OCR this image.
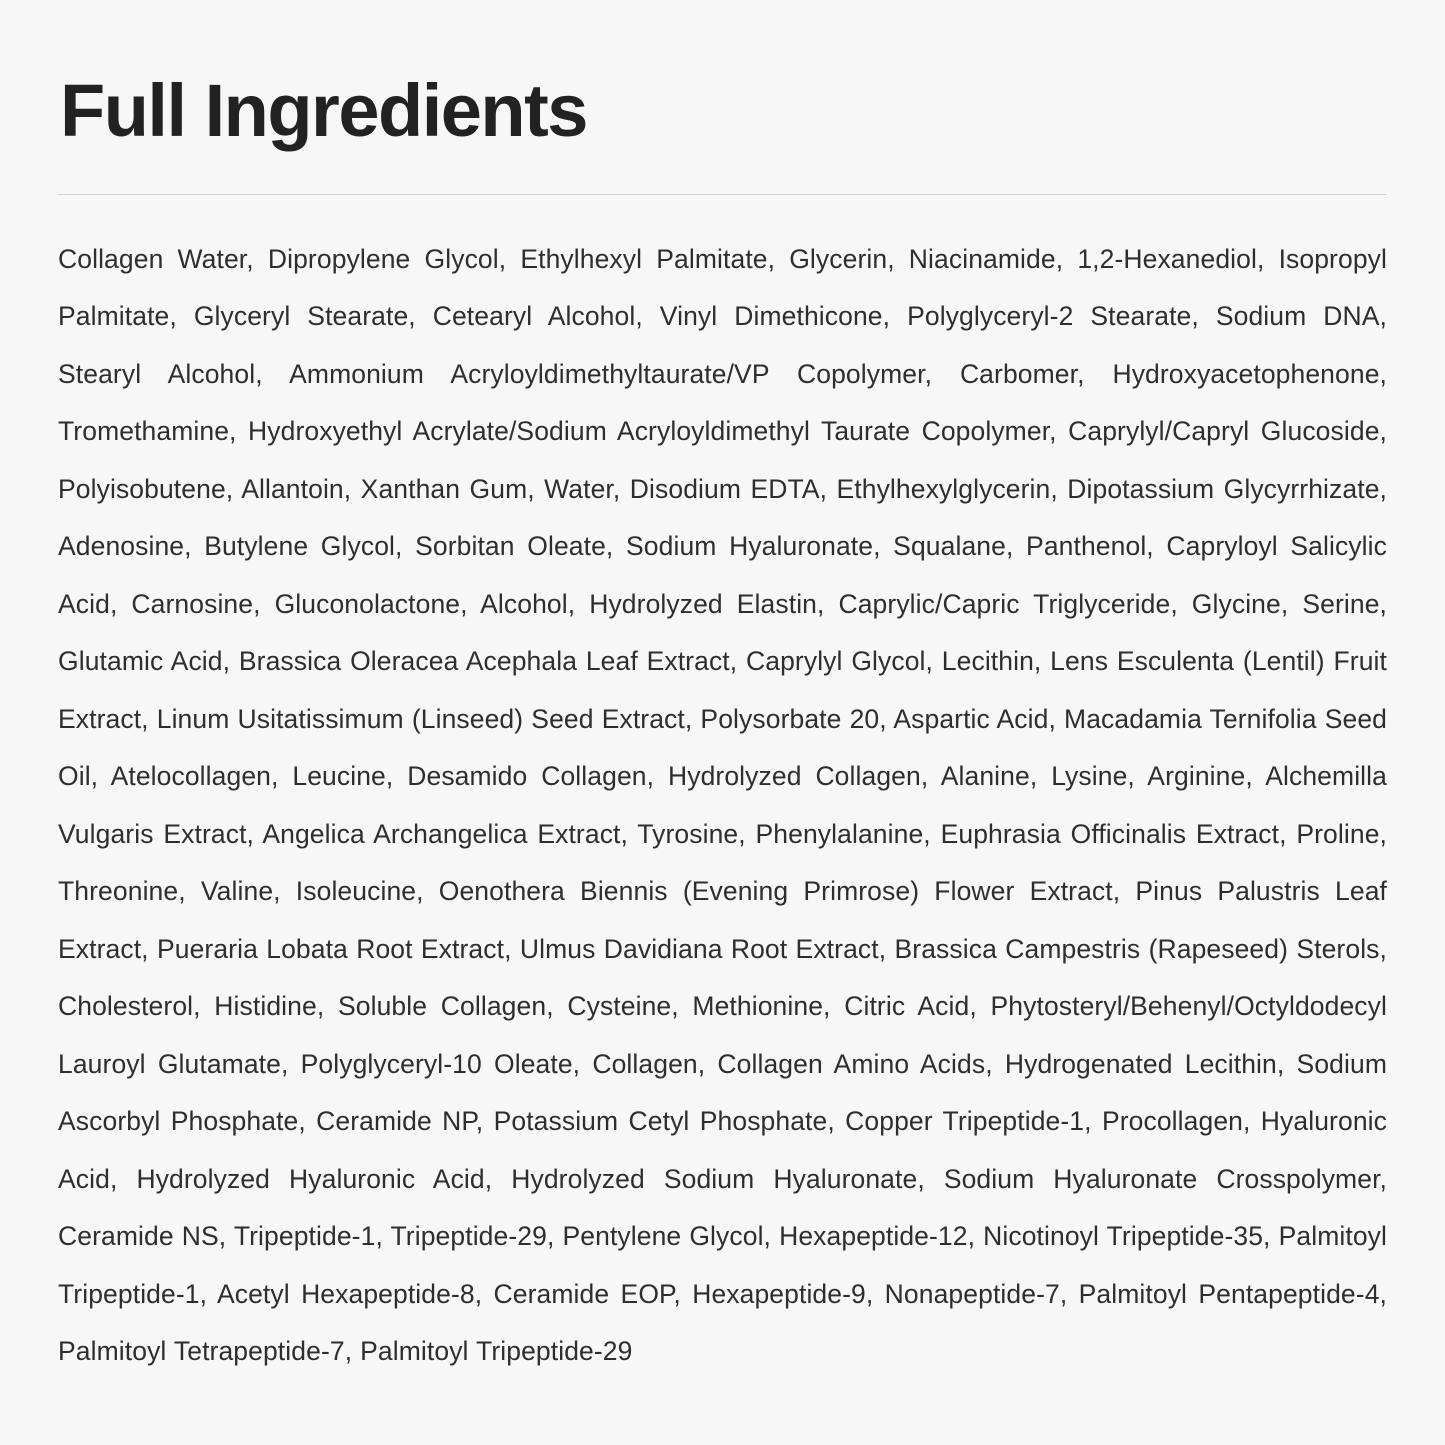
Full Ingredients
Collagen Water, Dipropylene Glycol, Ethylhexyl Palmitate, Glycerin, Niacinamide, 1,2-Hexanediol, Isopropyl Palmitate, Glyceryl Stearate, Cetearyl Alcohol, Vinyl Dimethicone, Polyglyceryl-2 Stearate, Sodium DNA, Stearyl Alcohol, Ammonium Acryloyldimethyltaurate/VP Copolymer, Carbomer, Hydroxyacetophenone, Tromethamine, Hydroxyethyl Acrylate/Sodium Acryloyldimethyl Taurate Copolymer, Caprylyl/Capryl Glucoside, Polyisobutene, Allantoin, Xanthan Gum, Water, Disodium EDTA, Ethylhexylglycerin, Dipotassium Glycyrrhizate, Adenosine, Butylene Glycol, Sorbitan Oleate, Sodium Hyaluronate, Squalane, Panthenol, Capryloyl Salicylic Acid, Carnosine, Gluconolactone, Alcohol, Hydrolyzed Elastin, Caprylic/Capric Triglyceride, Glycine, Serine, Glutamic Acid, Brassica Oleracea Acephala Leaf Extract, Caprylyl Glycol, Lecithin, Lens Esculenta (Lentil) Fruit Extract, Linum Usitatissimum (Linseed) Seed Extract, Polysorbate 20, Aspartic Acid, Macadamia Ternifolia Seed Oil, Atelocollagen, Leucine, Desamido Collagen, Hydrolyzed Collagen, Alanine, Lysine, Arginine, Alchemilla Vulgaris Extract, Angelica Archangelica Extract, Tyrosine, Phenylalanine, Euphrasia Officinalis Extract, Proline, Threonine, Valine, Isoleucine, Oenothera Biennis (Evening Primrose) Flower Extract, Pinus Palustris Leaf Extract, Pueraria Lobata Root Extract, Ulmus Davidiana Root Extract, Brassica Campestris (Rapeseed) Sterols, Cholesterol, Histidine, Soluble Collagen, Cysteine, Methionine, Citric Acid, Phytosteryl/Behenyl/Octyldodecyl Lauroyl Glutamate, Polyglyceryl-10 Oleate, Collagen, Collagen Amino Acids, Hydrogenated Lecithin, Sodium Ascorbyl Phosphate, Ceramide NP, Potassium Cetyl Phosphate, Copper Tripeptide-1, Procollagen, Hyaluronic Acid, Hydrolyzed Hyaluronic Acid, Hydrolyzed Sodium Hyaluronate, Sodium Hyaluronate Crosspolymer, Ceramide NS, Tripeptide-1, Tripeptide-29, Pentylene Glycol, Hexapeptide-12, Nicotinoyl Tripeptide-35, Palmitoyl Tripeptide-1, Acetyl Hexapeptide-8, Ceramide EOP, Hexapeptide-9, Nonapeptide-7, Palmitoyl Pentapeptide-4, Palmitoyl Tetrapeptide-7, Palmitoyl Tripeptide-29
